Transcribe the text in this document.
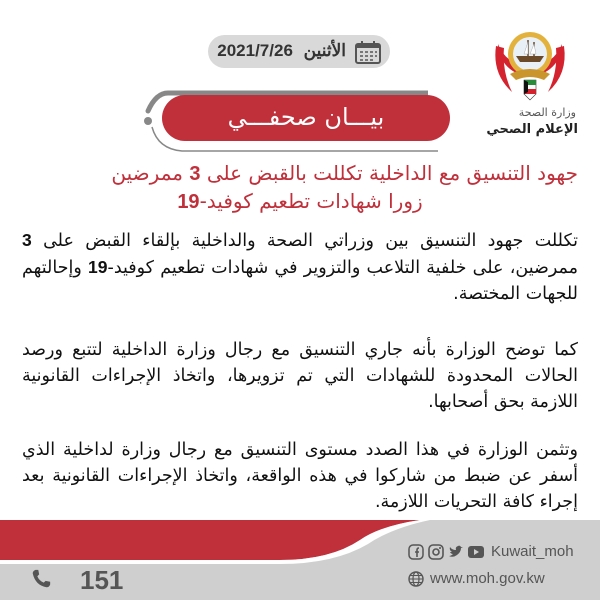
الأثنين 2021/7/26
وزارة الصحة
الإعلام الصحي
بيـــان صحفـــي
جهود التنسيق مع الداخلية تكللت بالقبض على 3 ممرضين
زورا شهادات تطعيم كوفيد-19
تكللت جهود التنسيق بين وزراتي الصحة والداخلية بإلقاء القبض على 3 ممرضين، على خلفية التلاعب والتزوير في شهادات تطعيم كوفيد-19 وإحالتهم للجهات المختصة.
كما توضح الوزارة بأنه جاري التنسيق مع رجال وزارة الداخلية لتتبع ورصد الحالات المحدودة للشهادات التي تم تزويرها، واتخاذ الإجراءات القانونية اللازمة بحق أصحابها.
وتثمن الوزارة في هذا الصدد مستوى التنسيق مع رجال وزارة لداخلية الذي أسفر عن ضبط من شاركوا في هذه الواقعة، واتخاذ الإجراءات القانونية بعد إجراء كافة التحريات اللازمة.
151
Kuwait_moh
www.moh.gov.kw
